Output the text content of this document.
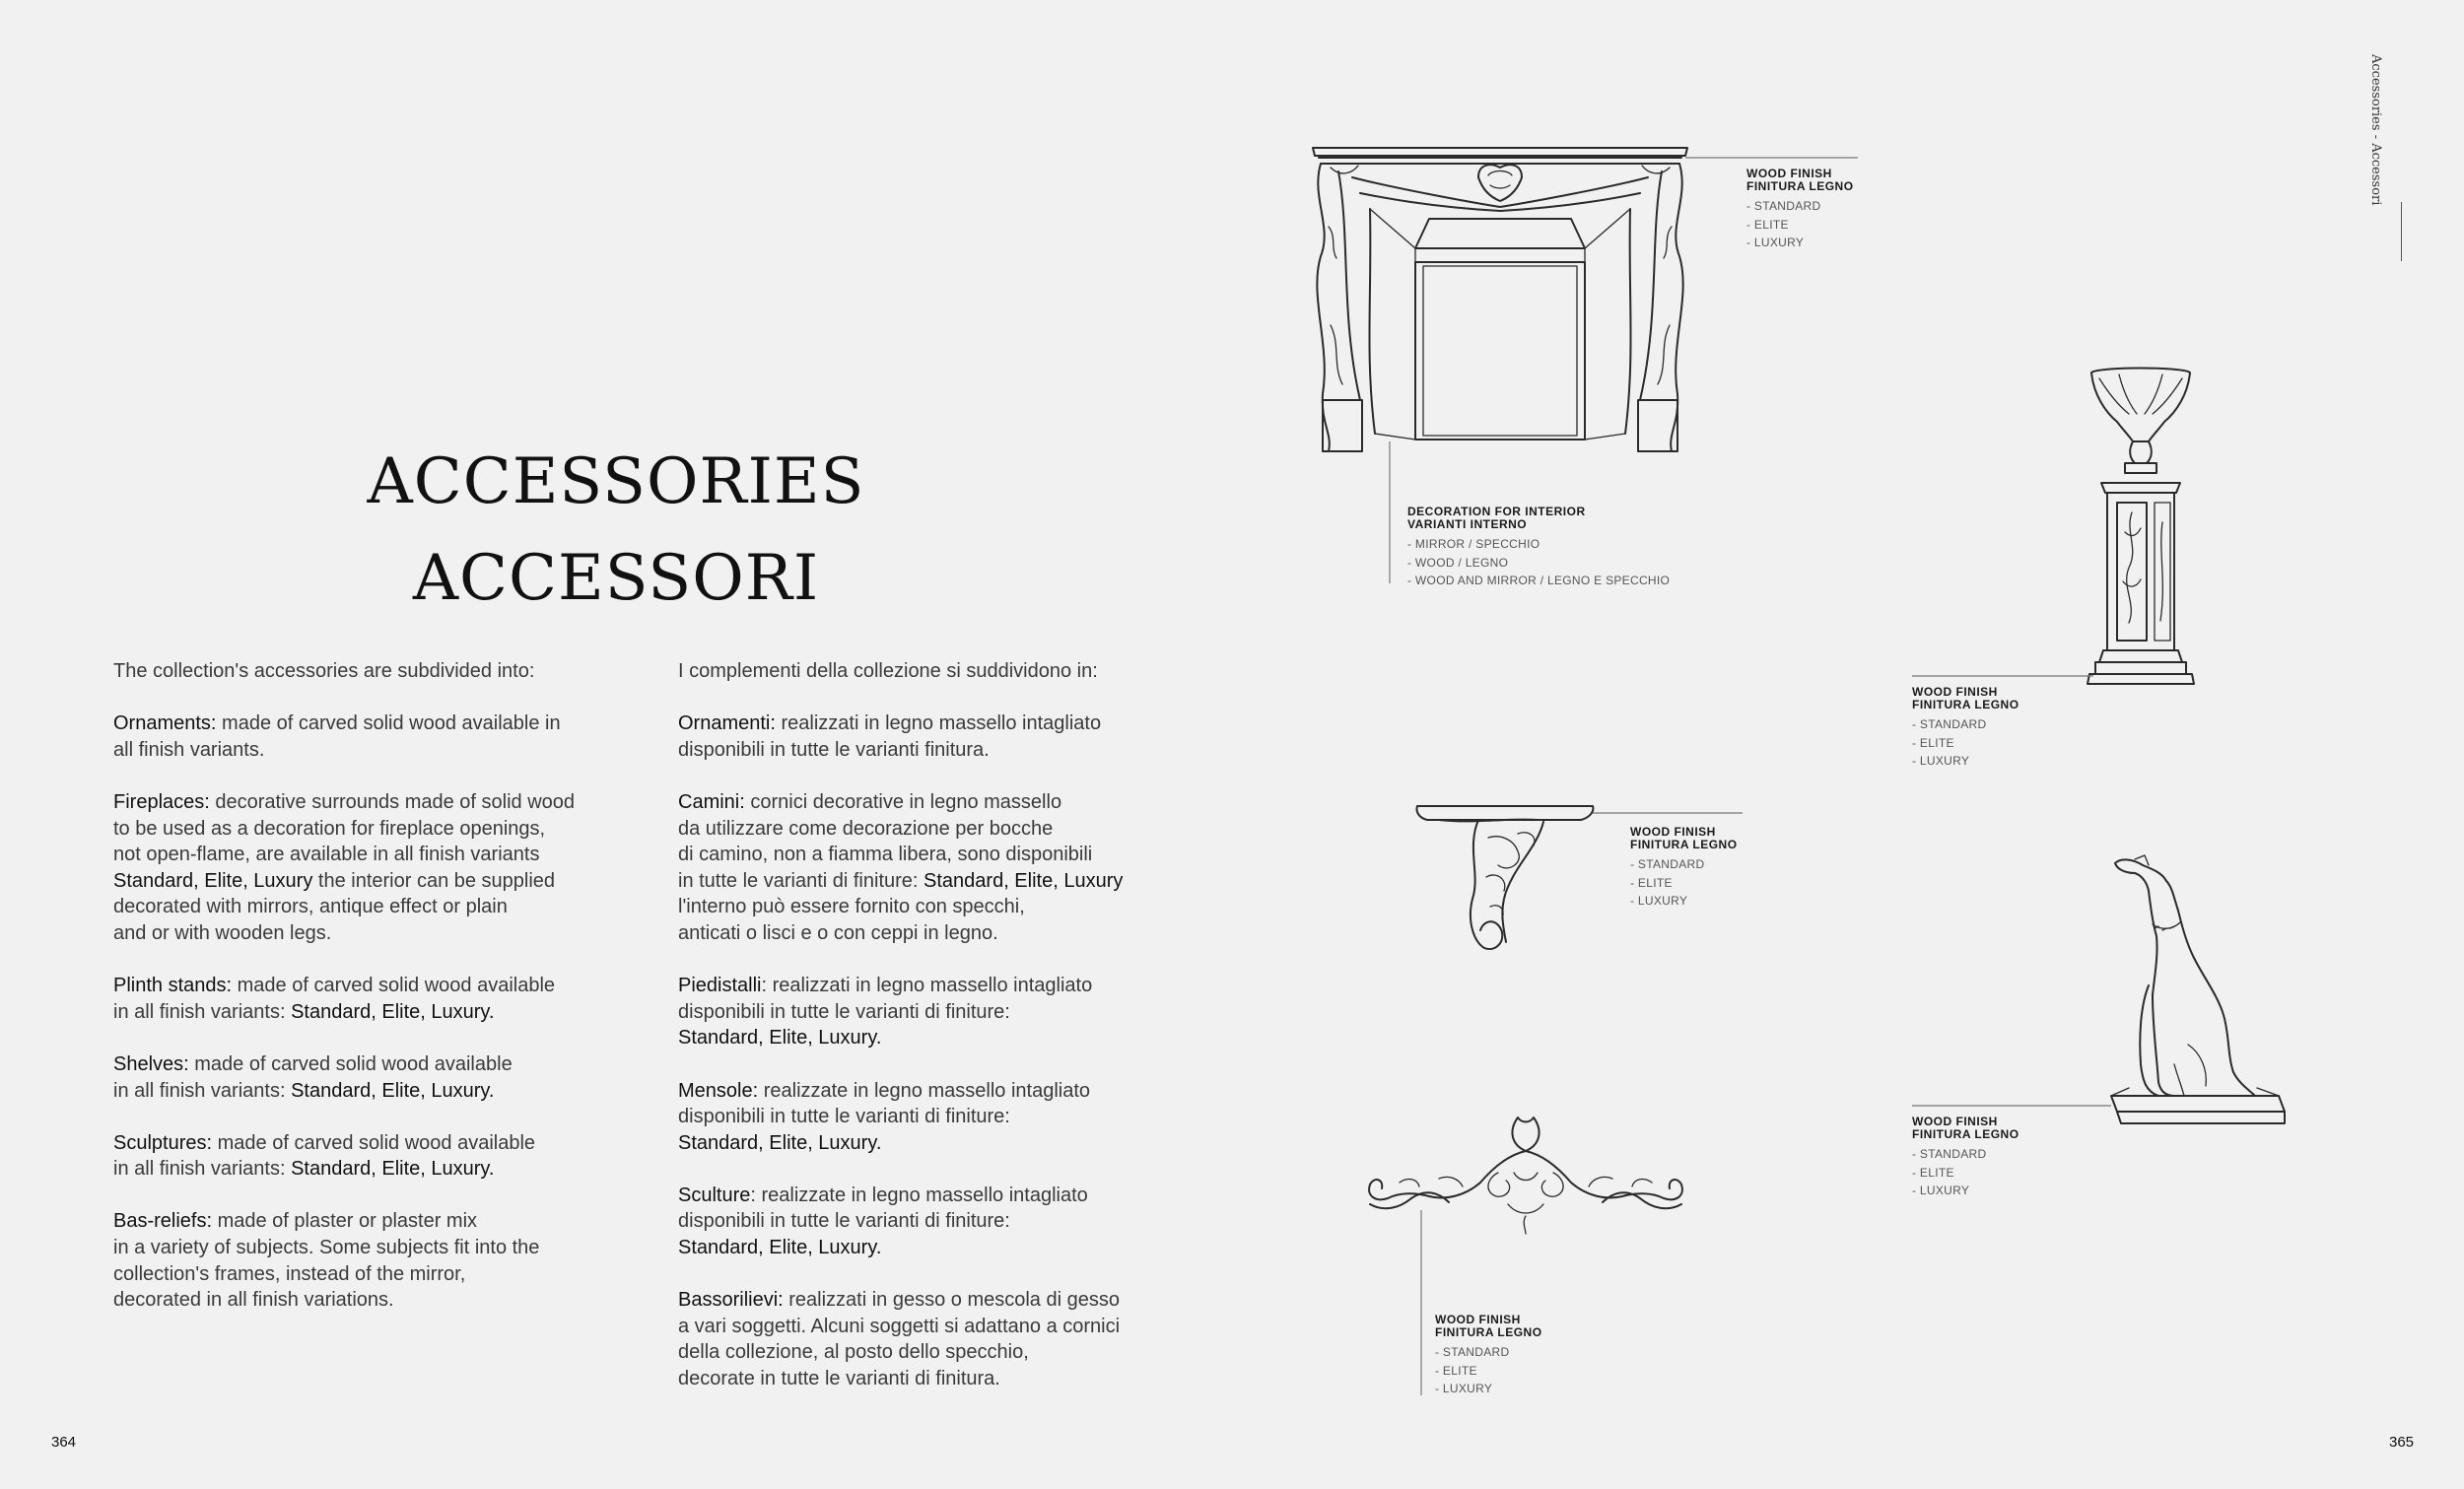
ACCESSORIES
ACCESSORI

The collection's accessories are subdivided into:

Ornaments: made of carved solid wood available in
all finish variants.

Fireplaces: decorative surrounds made of solid wood
to be used as a decoration for fireplace openings,
not open-flame, are available in all finish variants
Standard, Elite, Luxury the interior can be supplied
decorated with mirrors, antique effect or plain
and or with wooden legs.

Plinth stands: made of carved solid wood available
in all finish variants: Standard, Elite, Luxury.

Shelves: made of carved solid wood available
in all finish variants: Standard, Elite, Luxury.

Sculptures: made of carved solid wood available
in all finish variants: Standard, Elite, Luxury.

Bas-reliefs: made of plaster or plaster mix
in a variety of subjects. Some subjects fit into the
collection's frames, instead of the mirror,
decorated in all finish variations.

I complementi della collezione si suddividono in:

Ornamenti: realizzati in legno massello intagliato
disponibili in tutte le varianti finitura.

Camini: cornici decorative in legno massello
da utilizzare come decorazione per bocche
di camino, non a fiamma libera, sono disponibili
in tutte le varianti di finiture: Standard, Elite, Luxury
l'interno può essere fornito con specchi,
anticati o lisci e o con ceppi in legno.

Piedistalli: realizzati in legno massello intagliato
disponibili in tutte le varianti di finiture:
Standard, Elite, Luxury.

Mensole: realizzate in legno massello intagliato
disponibili in tutte le varianti di finiture:
Standard, Elite, Luxury.

Sculture: realizzate in legno massello intagliato
disponibili in tutte le varianti di finiture:
Standard, Elite, Luxury.

Bassorilievi: realizzati in gesso o mescola di gesso
a vari soggetti. Alcuni soggetti si adattano a cornici
della collezione, al posto dello specchio,
decorate in tutte le varianti di finitura.

WOOD FINISH
FINITURA LEGNO
- STANDARD
- ELITE
- LUXURY
DECORATION FOR INTERIOR
VARIANTI INTERNO
- MIRROR / SPECCHIO
- WOOD / LEGNO
- WOOD AND MIRROR / LEGNO E SPECCHIO
WOOD FINISH
FINITURA LEGNO
- STANDARD
- ELITE
- LUXURY
WOOD FINISH
FINITURA LEGNO
- STANDARD
- ELITE
- LUXURY
WOOD FINISH
FINITURA LEGNO
- STANDARD
- ELITE
- LUXURY
WOOD FINISH
FINITURA LEGNO
- STANDARD
- ELITE
- LUXURY
Accessories - Accessori
364	365
